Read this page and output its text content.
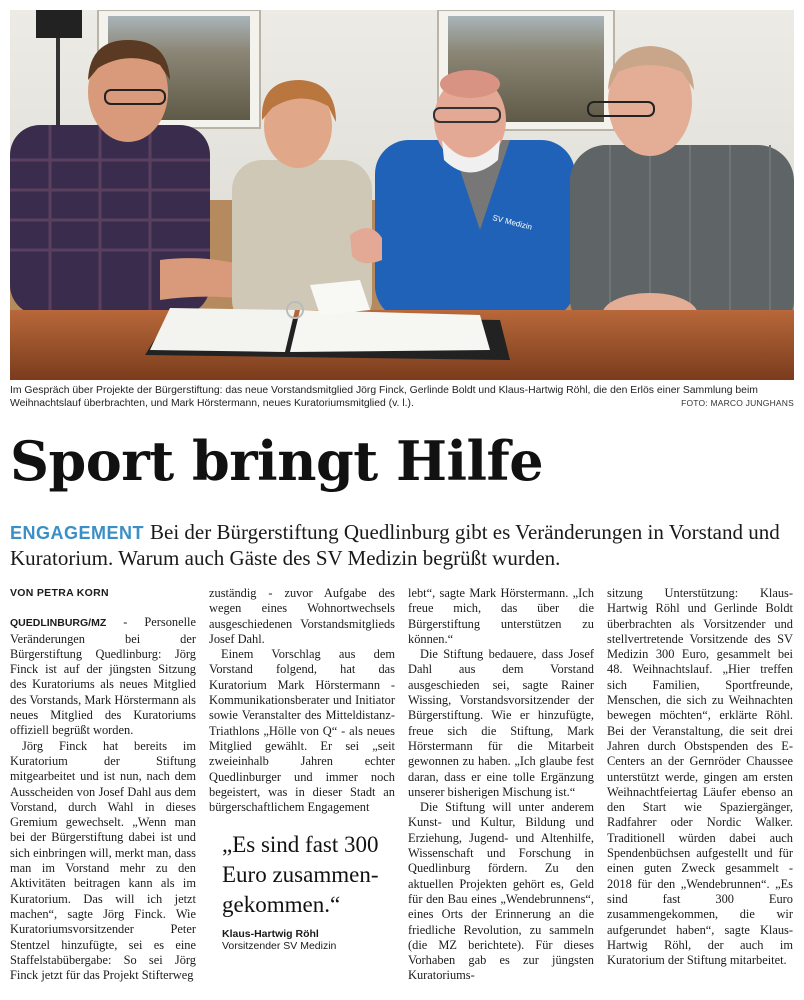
SV Medizin
Im Gespräch über Projekte der Bürgerstiftung: das neue Vorstandsmitglied Jörg Finck, Gerlinde Boldt und Klaus-Hartwig Röhl, die den Erlös einer Sammlung beim Weihnachtslauf überbrachten, und Mark Hörstermann, neues Kuratoriumsmitglied (v. l.).	FOTO: MARCO JUNGHANS
Sport bringt Hilfe
ENGAGEMENT Bei der Bürgerstiftung Quedlinburg gibt es Veränderungen in Vorstand und Kuratorium. Warum auch Gäste des SV Medizin begrüßt wurden.
VON PETRA KORN

QUEDLINBURG/MZ - Personelle Veränderungen bei der Bürgerstiftung Quedlinburg: Jörg Finck ist auf der jüngsten Sitzung des Kuratoriums als neues Mitglied des Vorstands, Mark Hörstermann als neues Mitglied des Kuratoriums offiziell begrüßt worden.

Jörg Finck hat bereits im Kuratorium der Stiftung mitgearbeitet und ist nun, nach dem Ausscheiden von Josef Dahl aus dem Vorstand, durch Wahl in dieses Gremium gewechselt. „Wenn man bei der Bürgerstiftung dabei ist und sich einbringen will, merkt man, dass man im Vorstand mehr zu den Aktivitäten beitragen kann als im Kuratorium. Das will ich jetzt machen“, sagte Jörg Finck. Wie Kuratoriumsvorsitzender Peter Stentzel hinzufügte, sei es eine Staffelstabübergabe: So sei Jörg Finck jetzt für das Projekt Stifterweg

zuständig - zuvor Aufgabe des wegen eines Wohnortwechsels ausgeschiedenen Vorstandsmitglieds Josef Dahl.

Einem Vorschlag aus dem Vorstand folgend, hat das Kuratorium Mark Hörstermann - Kommunikationsberater und Initiator sowie Veranstalter des Mitteldistanz-Triathlons „Hölle von Q“ - als neues Mitglied gewählt. Er sei „seit zweieinhalb Jahren echter Quedlinburger und immer noch begeistert, was in dieser Stadt an bürgerschaftlichem Engagement

„Es sind fast 300 Euro zusammen-gekommen.“
Klaus-Hartwig Röhl
Vorsitzender SV Medizin

lebt“, sagte Mark Hörstermann. „Ich freue mich, das über die Bürgerstiftung unterstützen zu können.“

Die Stiftung bedauere, dass Josef Dahl aus dem Vorstand ausgeschieden sei, sagte Rainer Wissing, Vorstandsvorsitzender der Bürgerstiftung. Wie er hinzufügte, freue sich die Stiftung, Mark Hörstermann für die Mitarbeit gewonnen zu haben. „Ich glaube fest daran, dass er eine tolle Ergänzung unserer bisherigen Mischung ist.“

Die Stiftung will unter anderem Kunst- und Kultur, Bildung und Erziehung, Jugend- und Altenhilfe, Wissenschaft und Forschung in Quedlinburg fördern. Zu den aktuellen Projekten gehört es, Geld für den Bau eines „Wendebrunnens“, eines Orts der Erinnerung an die friedliche Revolution, zu sammeln (die MZ berichtete). Für dieses Vorhaben gab es zur jüngsten Kuratoriums-

sitzung Unterstützung: Klaus-Hartwig Röhl und Gerlinde Boldt überbrachten als Vorsitzender und stellvertretende Vorsitzende des SV Medizin 300 Euro, gesammelt bei 48. Weihnachtslauf. „Hier treffen sich Familien, Sportfreunde, Menschen, die sich zu Weihnachten bewegen möchten“, erklärte Röhl. Bei der Veranstaltung, die seit drei Jahren durch Obstspenden des E-Centers an der Gernröder Chaussee unterstützt werde, gingen am ersten Weihnachtfeiertag Läufer ebenso an den Start wie Spaziergänger, Radfahrer oder Nordic Walker. Traditionell würden dabei auch Spendenbüchsen aufgestellt und für einen guten Zweck gesammelt - 2018 für den „Wendebrunnen“. „Es sind fast 300 Euro zusammengekommen, die wir aufgerundet haben“, sagte Klaus-Hartwig Röhl, der auch im Kuratorium der Stiftung mitarbeitet.
